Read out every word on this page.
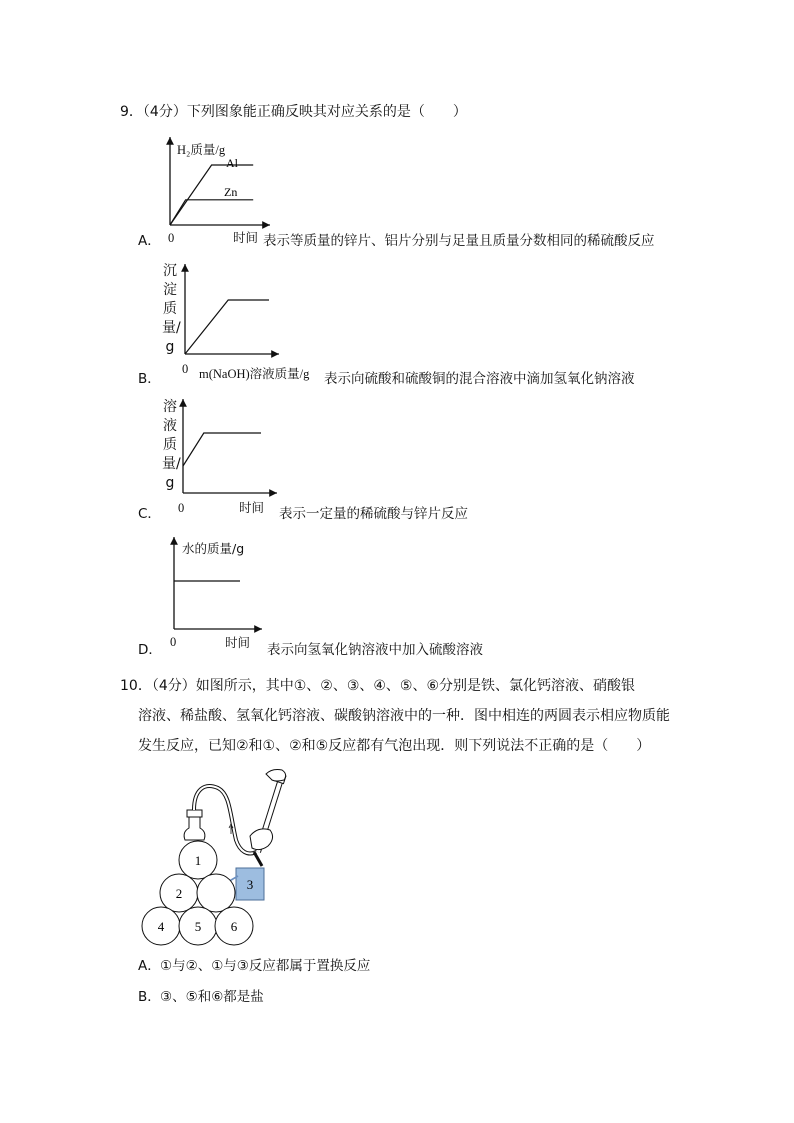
9．（4分）下列图象能正确反映其对应关系的是（　　）
Al
Zn
H₂质量/g
0	时间
A．	表示等质量的锌片、铝片分别与足量且质量分数相同的稀硫酸反应
沉淀质量/g
0 m(NaOH)溶液质量/g
B．	表示向硫酸和硫酸铜的混合溶液中滴加氢氧化钠溶液
溶液质量/g
0	时间
C．	表示一定量的稀硫酸与锌片反应
水的质量/g
0	时间
D．	表示向氢氧化钠溶液中加入硫酸溶液
10．（4分）如图所示，其中①、②、③、④、⑤、⑥分别是铁、氯化钙溶液、硝酸银
溶液、稀盐酸、氢氧化钙溶液、碳酸钠溶液中的一种．图中相连的两圆表示相应物质能
发生反应，已知②和①、②和⑤反应都有气泡出现．则下列说法不正确的是（　　）
1
2
3
4 5 6
A． ①与②、①与③反应都属于置换反应
B． ③、⑤和⑥都是盐
